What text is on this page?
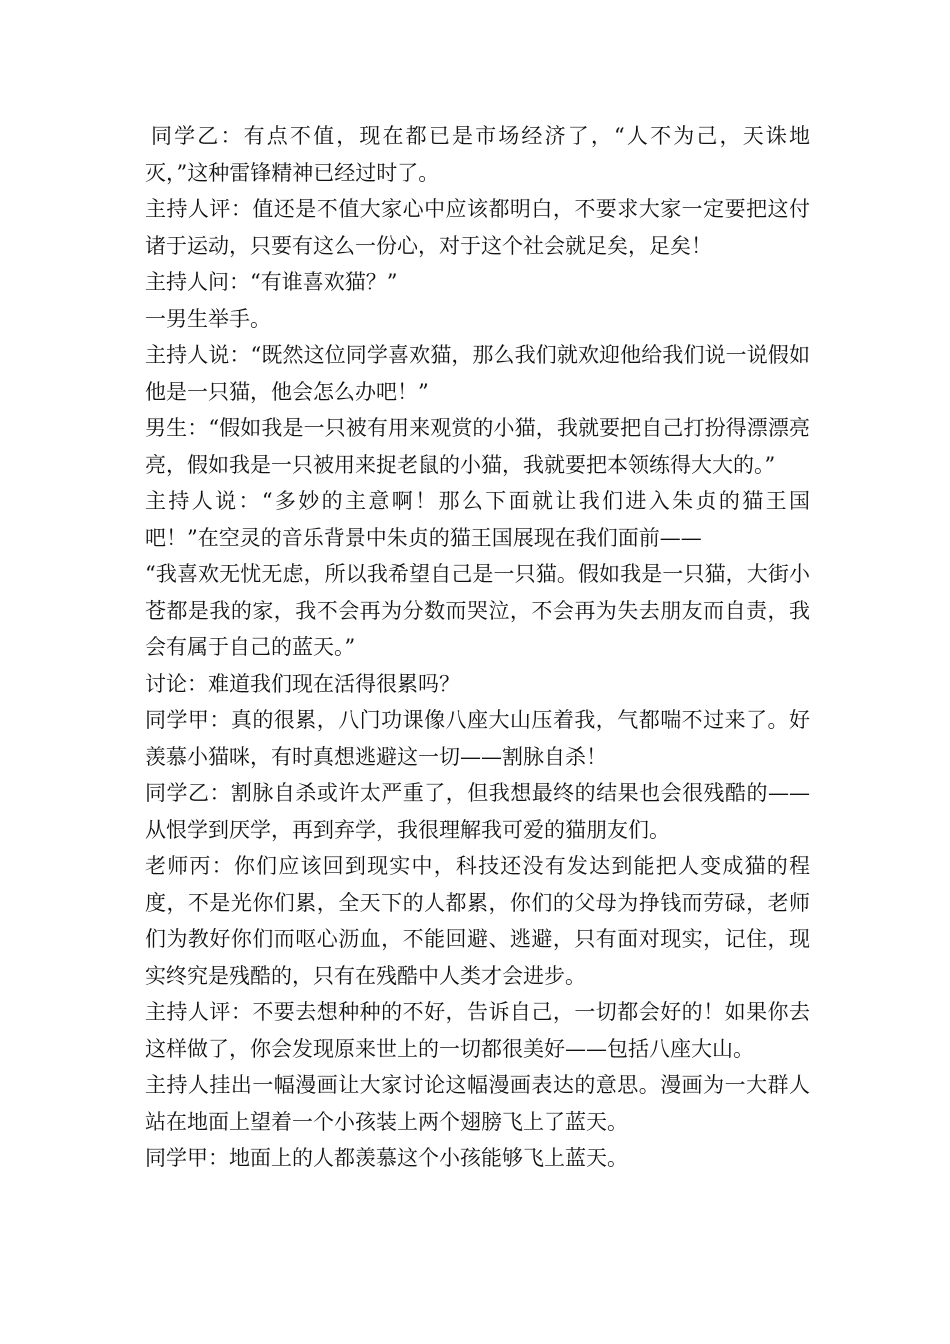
同学乙：有点不值，现在都已是市场经济了，“人不为己，天诛地灭，”这种雷锋精神已经过时了。

主持人评：值还是不值大家心中应该都明白，不要求大家一定要把这付诸于运动，只要有这么一份心，对于这个社会就足矣，足矣！

主持人问：“有谁喜欢猫？”

一男生举手。

主持人说：“既然这位同学喜欢猫，那么我们就欢迎他给我们说一说假如他是一只猫，他会怎么办吧！”

男生：“假如我是一只被有用来观赏的小猫，我就要把自己打扮得漂漂亮亮，假如我是一只被用来捉老鼠的小猫，我就要把本领练得大大的。”

主持人说：“多妙的主意啊！那么下面就让我们进入朱贞的猫王国吧！”在空灵的音乐背景中朱贞的猫王国展现在我们面前——

“我喜欢无忧无虑，所以我希望自己是一只猫。假如我是一只猫，大街小苍都是我的家，我不会再为分数而哭泣，不会再为失去朋友而自责，我会有属于自己的蓝天。”

讨论：难道我们现在活得很累吗？

同学甲：真的很累，八门功课像八座大山压着我，气都喘不过来了。好羡慕小猫咪，有时真想逃避这一切——割脉自杀！

同学乙：割脉自杀或许太严重了，但我想最终的结果也会很残酷的——从恨学到厌学，再到弃学，我很理解我可爱的猫朋友们。

老师丙：你们应该回到现实中，科技还没有发达到能把人变成猫的程度，不是光你们累，全天下的人都累，你们的父母为挣钱而劳碌，老师们为教好你们而呕心沥血，不能回避、逃避，只有面对现实，记住，现实终究是残酷的，只有在残酷中人类才会进步。

主持人评：不要去想种种的不好，告诉自己，一切都会好的！如果你去这样做了，你会发现原来世上的一切都很美好——包括八座大山。

主持人挂出一幅漫画让大家讨论这幅漫画表达的意思。漫画为一大群人站在地面上望着一个小孩装上两个翅膀飞上了蓝天。

同学甲：地面上的人都羡慕这个小孩能够飞上蓝天。
